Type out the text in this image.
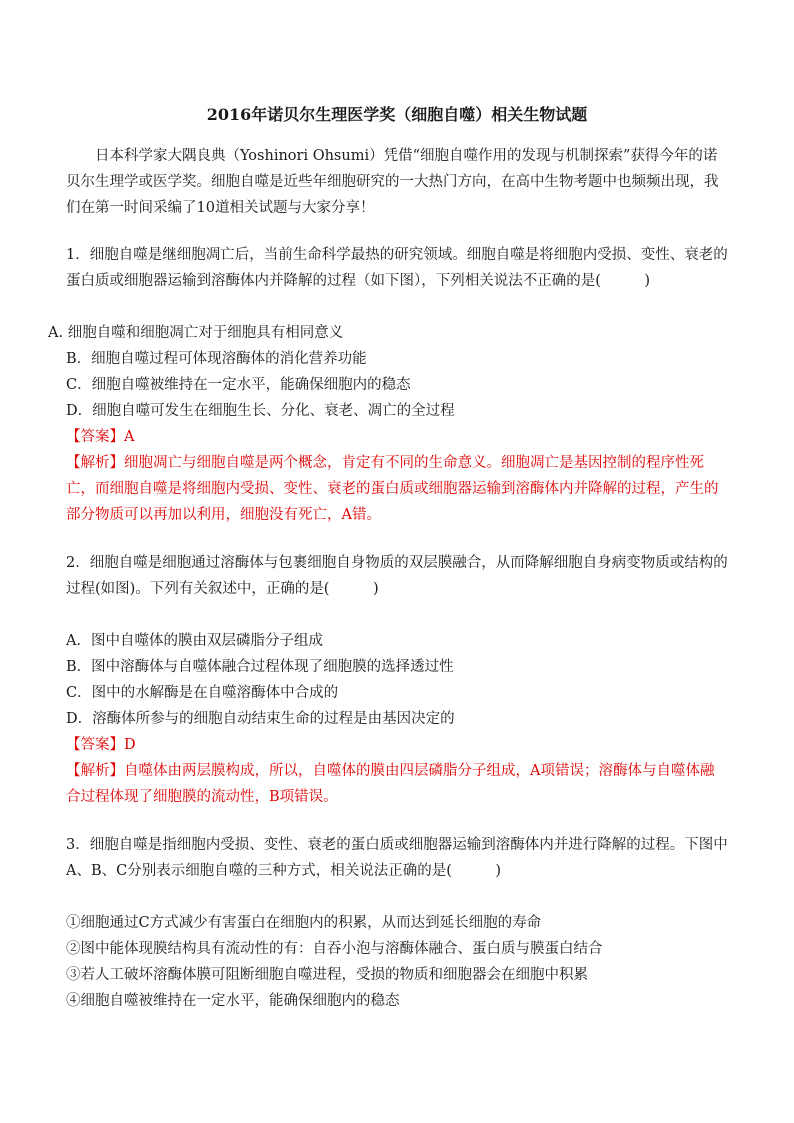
2016年诺贝尔生理医学奖（细胞自噬）相关生物试题
日本科学家大隅良典（Yoshinori Ohsumi）凭借“细胞自噬作用的发现与机制探索”获得今年的诺贝尔生理学或医学奖。细胞自噬是近些年细胞研究的一大热门方向，在高中生物考题中也频频出现，我们在第一时间采编了10道相关试题与大家分享！
1．细胞自噬是继细胞凋亡后，当前生命科学最热的研究领域。细胞自噬是将细胞内受损、变性、衰老的蛋白质或细胞器运输到溶酶体内并降解的过程（如下图），下列相关说法不正确的是(　　　)
A. 细胞自噬和细胞凋亡对于细胞具有相同意义
B．细胞自噬过程可体现溶酶体的消化营养功能
C．细胞自噬被维持在一定水平，能确保细胞内的稳态
D．细胞自噬可发生在细胞生长、分化、衰老、凋亡的全过程
【答案】A
【解析】细胞凋亡与细胞自噬是两个概念，肯定有不同的生命意义。细胞凋亡是基因控制的程序性死亡，而细胞自噬是将细胞内受损、变性、衰老的蛋白质或细胞器运输到溶酶体内并降解的过程，产生的部分物质可以再加以利用，细胞没有死亡，A错。
2．细胞自噬是细胞通过溶酶体与包裹细胞自身物质的双层膜融合，从而降解细胞自身病变物质或结构的过程(如图)。下列有关叙述中，正确的是(　　　)
A．图中自噬体的膜由双层磷脂分子组成
B．图中溶酶体与自噬体融合过程体现了细胞膜的选择透过性
C．图中的水解酶是在自噬溶酶体中合成的
D．溶酶体所参与的细胞自动结束生命的过程是由基因决定的
【答案】D
【解析】自噬体由两层膜构成，所以，自噬体的膜由四层磷脂分子组成，A项错误；溶酶体与自噬体融合过程体现了细胞膜的流动性，B项错误。
3．细胞自噬是指细胞内受损、变性、衰老的蛋白质或细胞器运输到溶酶体内并进行降解的过程。下图中A、B、C分别表示细胞自噬的三种方式，相关说法正确的是(　　　)
①细胞通过C方式减少有害蛋白在细胞内的积累，从而达到延长细胞的寿命
②图中能体现膜结构具有流动性的有：自吞小泡与溶酶体融合、蛋白质与膜蛋白结合
③若人工破坏溶酶体膜可阻断细胞自噬进程，受损的物质和细胞器会在细胞中积累
④细胞自噬被维持在一定水平，能确保细胞内的稳态
